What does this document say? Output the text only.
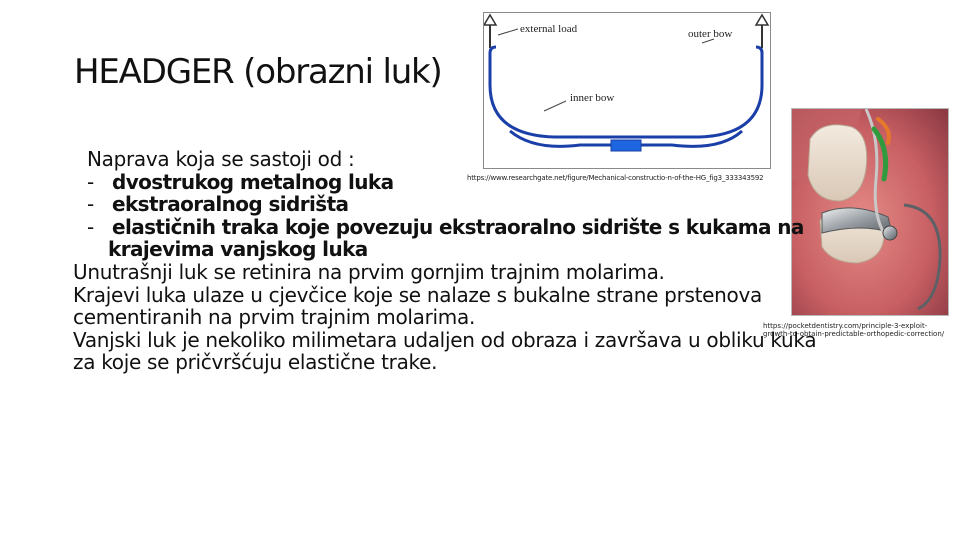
HEADGER (obrazni luk)
external load	outer bow
inner bow
https://www.researchgate.net/figure/Mechanical-constructio-n-of-the-HG_fig3_333343592
https://pocketdentistry.com/principle-3-exploit-growth-to-obtain-predictable-orthopedic-correction/
Naprava koja se sastoji od :
- dvostrukog metalnog luka
- ekstraoralnog sidrišta
- elastičnih traka koje povezuju ekstraoralno sidrište s kukama na
krajevima vanjskog luka
Unutrašnji luk se retinira na prvim gornjim trajnim molarima.
Krajevi luka ulaze u cjevčice koje se nalaze s bukalne strane prstenova
cementiranih na prvim trajnim molarima.
Vanjski luk je nekoliko milimetara udaljen od obraza i završava u obliku kuka
za koje se pričvršćuju elastične trake.
